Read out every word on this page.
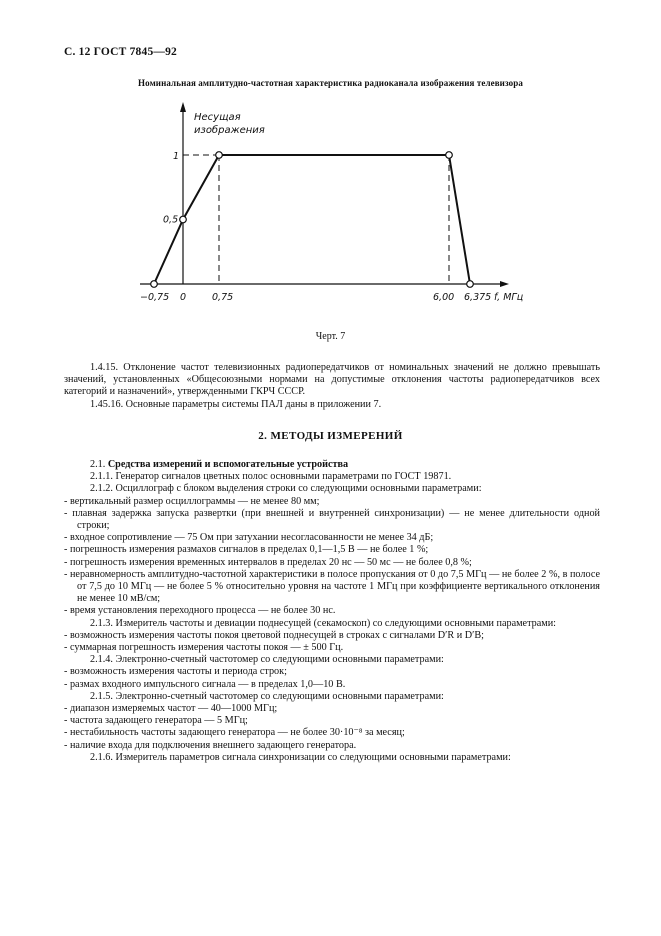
С. 12 ГОСТ 7845—92
Номинальная амплитудно-частотная характеристика радиоканала изображения телевизора
−0,75 0	0,75	6,00 6,375
0,5
1
Несущая
изображения
f, МГц
Черт. 7

1.4.15. Отклонение частот телевизионных радиопередатчиков от номинальных значений не должно превышать значений, установленных «Общесоюзными нормами на допустимые отклонения частоты радиопередатчиков всех категорий и назначений», утвержденными ГКРЧ СССР.

1.45.16. Основные параметры системы ПАЛ даны в приложении 7.

2. МЕТОДЫ ИЗМЕРЕНИЙ

2.1. Средства измерений и вспомогательные устройства

2.1.1. Генератор сигналов цветных полос основными параметрами по ГОСТ 19871.

2.1.2. Осциллограф с блоком выделения строки со следующими основными параметрами:

- вертикальный размер осциллограммы — не менее 80 мм;

- плавная задержка запуска развертки (при внешней и внутренней синхронизации) — не менее длительности одной строки;

- входное сопротивление — 75 Ом при затухании несогласованности не менее 34 дБ;

- погрешность измерения размахов сигналов в пределах 0,1—1,5 В — не более 1 %;

- погрешность измерения временных интервалов в пределах 20 нс — 50 мс — не более 0,8 %;

- неравномерность амплитудно-частотной характеристики в полосе пропускания от 0 до 7,5 МГц — не более 2 %, в полосе от 7,5 до 10 МГц — не более 5 % относительно уровня на частоте 1 МГц при коэффициенте вертикального отклонения не менее 10 мВ/см;

- время установления переходного процесса — не более 30 нс.

2.1.3. Измеритель частоты и девиации поднесущей (секамоскоп) со следующими основными параметрами:

- возможность измерения частоты покоя цветовой поднесущей в строках с сигналами D′R и D′B;

- суммарная погрешность измерения частоты покоя — ± 500 Гц.

2.1.4. Электронно-счетный частотомер со следующими основными параметрами:

- возможность измерения частоты и периода строк;

- размах входного импульсного сигнала — в пределах 1,0—10 В.

2.1.5. Электронно-счетный частотомер со следующими основными параметрами:

- диапазон измеряемых частот — 40—1000 МГц;

- частота задающего генератора — 5 МГц;

- нестабильность частоты задающего генератора — не более 30·10⁻⁸ за месяц;

- наличие входа для подключения внешнего задающего генератора.

2.1.6. Измеритель параметров сигнала синхронизации со следующими основными параметрами:
